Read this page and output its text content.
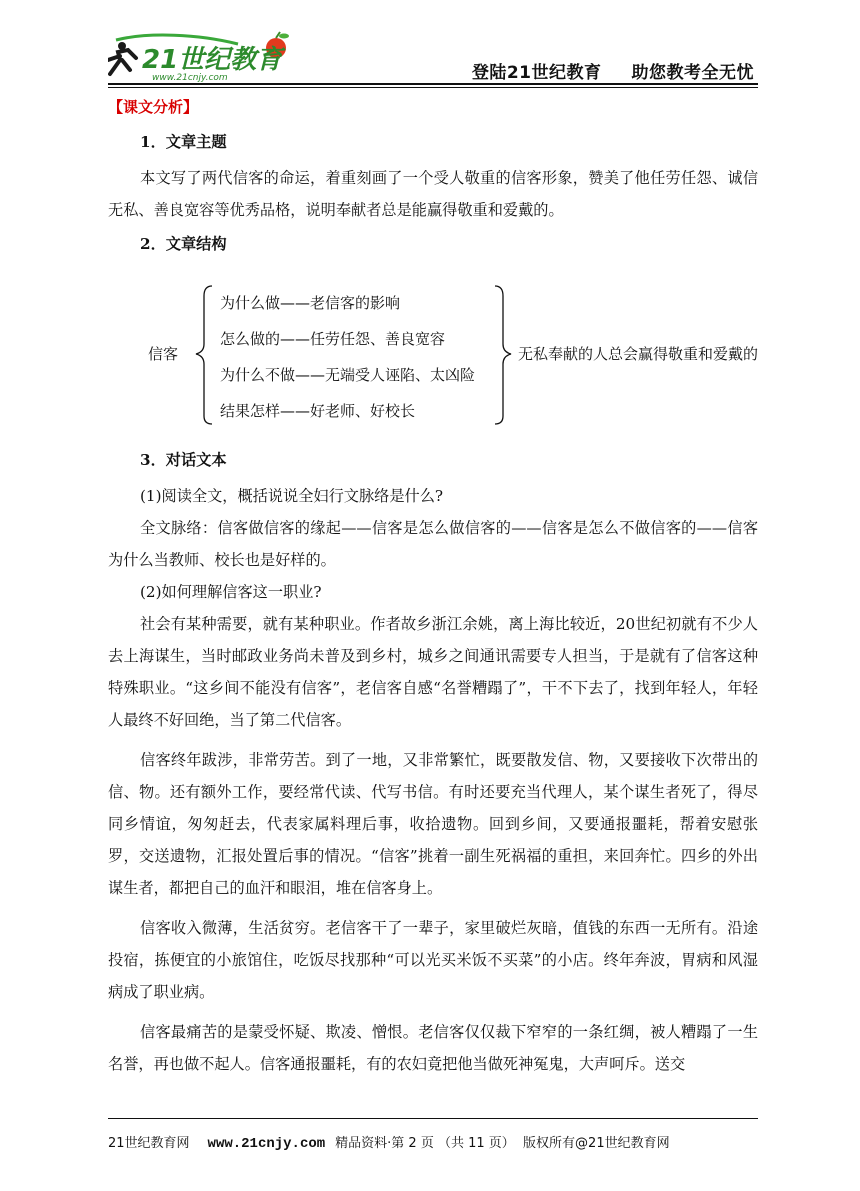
21世纪教育
www.21cnjy.com	登陆21世纪教育 助您教考全无忧

【课文分析】

1．文章主题

本文写了两代信客的命运，着重刻画了一个受人敬重的信客形象，赞美了他任劳任怨、诚信无私、善良宽容等优秀品格，说明奉献者总是能赢得敬重和爱戴的。

2．文章结构

信客
为什么做——老信客的影响
怎么做的——任劳任怨、善良宽容
为什么不做——无端受人诬陷、太凶险
结果怎样——好老师、好校长
无私奉献的人总会赢得敬重和爱戴的

3．对话文本

(1)阅读全文，概括说说全妇行文脉络是什么?

全文脉络：信客做信客的缘起——信客是怎么做信客的——信客是怎么不做信客的——信客为什么当教师、校长也是好样的。

(2)如何理解信客这一职业?

社会有某种需要，就有某种职业。作者故乡浙江余姚，离上海比较近，20世纪初就有不少人去上海谋生，当时邮政业务尚未普及到乡村，城乡之间通讯需要专人担当，于是就有了信客这种特殊职业。“这乡间不能没有信客”，老信客自感“名誉糟蹋了”，干不下去了，找到年轻人，年轻人最终不好回绝，当了第二代信客。

信客终年跋涉，非常劳苦。到了一地，又非常繁忙，既要散发信、物，又要接收下次带出的信、物。还有额外工作，要经常代读、代写书信。有时还要充当代理人，某个谋生者死了，得尽同乡情谊，匆匆赶去，代表家属料理后事，收拾遗物。回到乡间，又要通报噩耗，帮着安慰张罗，交送遗物，汇报处置后事的情况。“信客”挑着一副生死祸福的重担，来回奔忙。四乡的外出谋生者，都把自己的血汗和眼泪，堆在信客身上。

信客收入微薄，生活贫穷。老信客干了一辈子，家里破烂灰暗，值钱的东西一无所有。沿途投宿，拣便宜的小旅馆住，吃饭尽找那种“可以光买米饭不买菜”的小店。终年奔波，胃病和风湿病成了职业病。

信客最痛苦的是蒙受怀疑、欺凌、憎恨。老信客仅仅裁下窄窄的一条红绸，被人糟蹋了一生名誉，再也做不起人。信客通报噩耗，有的农妇竟把他当做死神冤鬼，大声呵斥。送交

21世纪教育网 www.21cnjy.com 精品资料·第 2 页 （共 11 页） 版权所有@21世纪教育网
